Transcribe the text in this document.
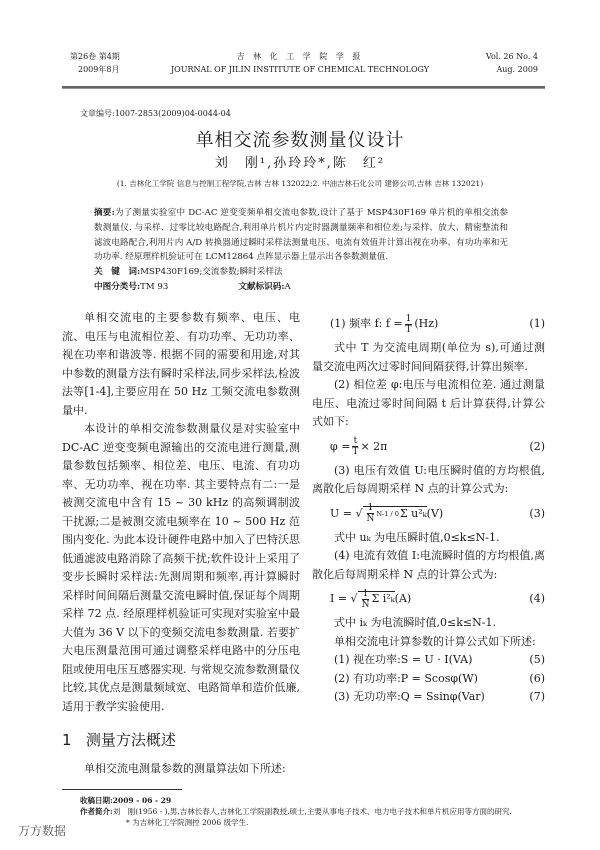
第26卷 第4期
2009年8月
吉 林 化 工 学 院 学 报
JOURNAL OF JILIN INSTITUTE OF CHEMICAL TECHNOLOGY
Vol. 26 No. 4
Aug. 2009
文章编号:1007-2853(2009)04-0044-04
单相交流参数测量仪设计
刘　刚¹,孙玲玲*,陈　红²
(1. 吉林化工学院 信息与控制工程学院,吉林 吉林 132022;2. 中油吉林石化公司 建修公司,吉林 吉林 132021)
摘要:为了测量实验室中 DC-AC 逆变变频单相交流电参数,设计了基于 MSP430F169 单片机的单相交流参数测量仪. 与采样、过零比较电路配合,利用单片机片内定时器测量频率和相位差;与采样、放大、精密整流和滤波电路配合,利用片内 A/D 转换器通过瞬时采样法测量电压、电流有效值并计算出视在功率、有功功率和无功功率. 经原理样机验证可在 LCM12864 点阵显示器上显示出各参数测量值.
关　键　词:MSP430F169;交流参数;瞬时采样法
中图分类号:TM 93	文献标识码:A

单相交流电的主要参数有频率、电压、电流、电压与电流相位差、有功功率、无功功率、视在功率和谐波等. 根据不同的需要和用途,对其中参数的测量方法有瞬时采样法,同步采样法,检波法等[1-4],主要应用在 50 Hz 工频交流电参数测量中.

本设计的单相交流参数测量仪是对实验室中 DC-AC 逆变变频电源输出的交流电进行测量,测量参数包括频率、相位差、电压、电流、有功功率、无功功率、视在功率. 其主要特点有二:一是被测交流电中含有 15 ~ 30 kHz 的高频调制波干扰源;二是被测交流电频率在 10 ~ 500 Hz 范围内变化. 为此本设计硬件电路中加入了巴特沃思低通滤波电路消除了高频干扰;软件设计上采用了变步长瞬时采样法:先测周期和频率,再计算瞬时采样时间间隔后测量交流电瞬时值,保证每个周期采样 72 点. 经原理样机验证可实现对实验室中最大值为 36 V 以下的变频交流电参数测量. 若要扩大电压测量范围可通过调整采样电路中的分压电阻或使用电压互感器实现. 与常规交流参数测量仪比较,其优点是测量频域宽、电路简单和造价低廉,适用于教学实验使用.

1 测量方法概述

单相交流电测量参数的测量算法如下所述:

(1) 频率 f: $f = \frac{1}{T} (Hz)$	(1)

式中 T 为交流电周期(单位为 s),可通过测量交流电两次过零时间间隔获得,计算出频率.

(2) 相位差 φ:电压与电流相位差. 通过测量电压、电流过零时间间隔 t 后计算获得,计算公式如下:

$\varphi = \frac{t}{T} \times 2\pi$	(2)

(3) 电压有效值 U:电压瞬时值的方均根值,离散化后每周期采样 N 点的计算公式为:

U = √ $\frac{1}{N} N-1 / 0\Sigma$ u²ₖ(V)	(3)

式中 uₖ 为电压瞬时值,0≤k≤N-1.

(4) 电流有效值 I:电流瞬时值的方均根值,离散化后每周期采样 N 点的计算公式为:

I = √ $\frac{1}{N}$ Σ i²ₖ(A)	(4)

式中 iₖ 为电流瞬时值,0≤k≤N-1.

单相交流电计算参数的计算公式如下所述:

(1) 视在功率:S = U · I(VA)	(5)
(2) 有功功率:P = Scosφ(W)	(6)
(3) 无功功率:Q = Ssinφ(Var)	(7)
收稿日期:2009 - 06 - 29
作者简介:刘　刚(1956 - ),男,吉林长春人,吉林化工学院副教授,硕士,主要从事电子技术、电力电子技术和单片机应用等方面的研究.
* 为吉林化工学院测控 2006 级学生.
万方数据
